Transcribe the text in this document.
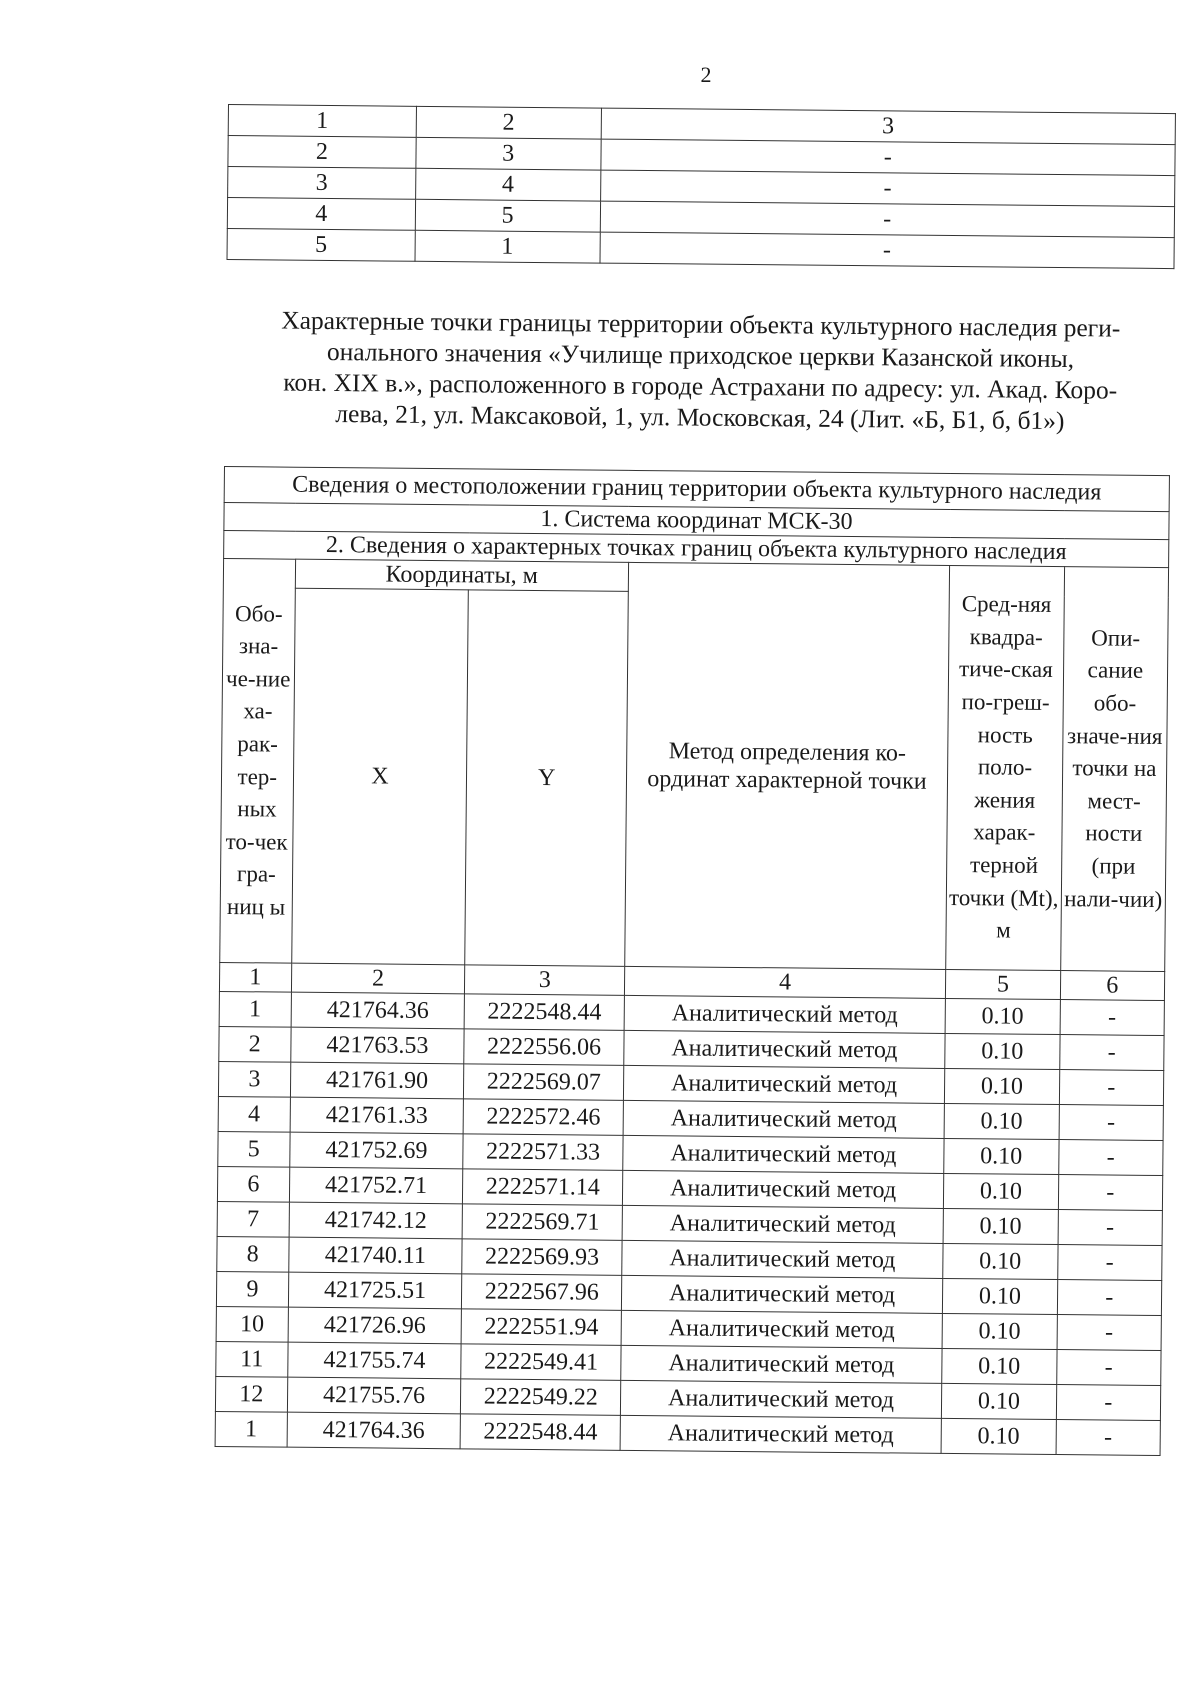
2
1	2	3
2	3	-
3	4	-
4	5	-
5	1	-
Характерные точки границы территории объекта культурного наследия реги-
онального значения «Училище приходское церкви Казанской иконы,
кон. XIX в.», расположенного в городе Астрахани по адресу: ул. Акад. Коро-
лева, 21, ул. Максаковой, 1, ул. Московская, 24 (Лит. «Б, Б1, б, б1»)
Сведения о местоположении границ территории объекта культурного наследия					
1. Система координат МСК-30					
2. Сведения о характерных точках границ объекта культурного наследия					
Обо-зна-че-ние ха-рак-тер-ных то-чек гра-ниц ы	Координаты, м		Метод определения ко-ординат характерной точки	Сред-няя квадра-тиче-ская по-греш-ность поло-жения харак-терной точки (Mt), м	Опи-сание обо-значе-ния точки на мест-ности (при нали-чии)
	X	Y			
1	2	3	4	5	6
1	421764.36	2222548.44	Аналитический метод	0.10	-
2	421763.53	2222556.06	Аналитический метод	0.10	-
3	421761.90	2222569.07	Аналитический метод	0.10	-
4	421761.33	2222572.46	Аналитический метод	0.10	-
5	421752.69	2222571.33	Аналитический метод	0.10	-
6	421752.71	2222571.14	Аналитический метод	0.10	-
7	421742.12	2222569.71	Аналитический метод	0.10	-
8	421740.11	2222569.93	Аналитический метод	0.10	-
9	421725.51	2222567.96	Аналитический метод	0.10	-
10	421726.96	2222551.94	Аналитический метод	0.10	-
11	421755.74	2222549.41	Аналитический метод	0.10	-
12	421755.76	2222549.22	Аналитический метод	0.10	-
1	421764.36	2222548.44	Аналитический метод	0.10	-
